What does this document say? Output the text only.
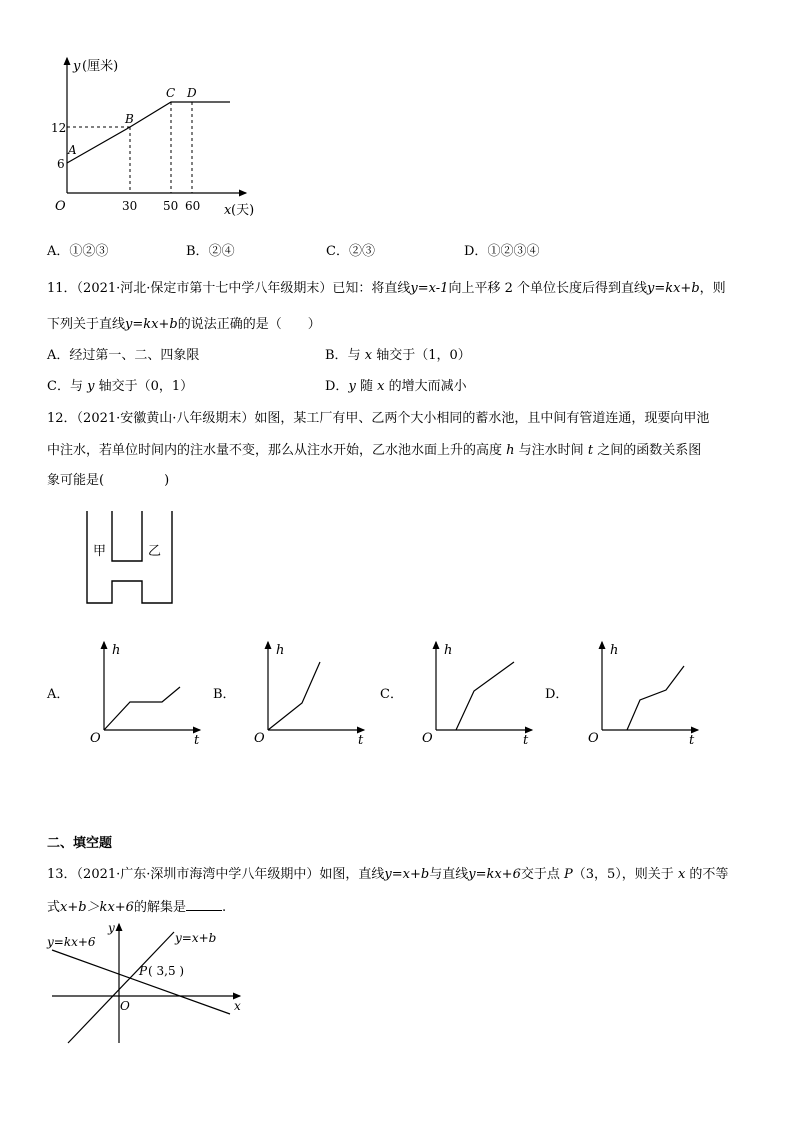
y (厘米)
x (天)
O
12
6
30 50 60
A
B
C D
A．①②③	B．②④	C．②③	D．①②③④
11．（2021·河北·保定市第十七中学八年级期末）已知：将直线y=x-1向上平移 2 个单位长度后得到直线y=kx+b，则
下列关于直线y=kx+b的说法正确的是（　　）
A．经过第一、二、四象限	B．与 x 轴交于（1，0）
C．与 y 轴交于（0，1）	D．y 随 x 的增大而减小
12．（2021·安徽黄山·八年级期末）如图，某工厂有甲、乙两个大小相同的蓄水池，且中间有管道连通，现要向甲池
中注水，若单位时间内的注水量不变，那么从注水开始，乙水池水面上升的高度 h 与注水时间 t 之间的函数关系图
象可能是(	)
甲	乙
A．
h
t
O
B．
h
t
O
C．
h
t
O
D．
h
t
O
二、填空题
13．（2021·广东·深圳市海湾中学八年级期中）如图，直线y=x+b与直线y=kx+6交于点 P（3，5），则关于 x 的不等
式x+b＞kx+6的解集是	.
y=kx+6	y=x+b
P ( 3,5 )
y
x
O
